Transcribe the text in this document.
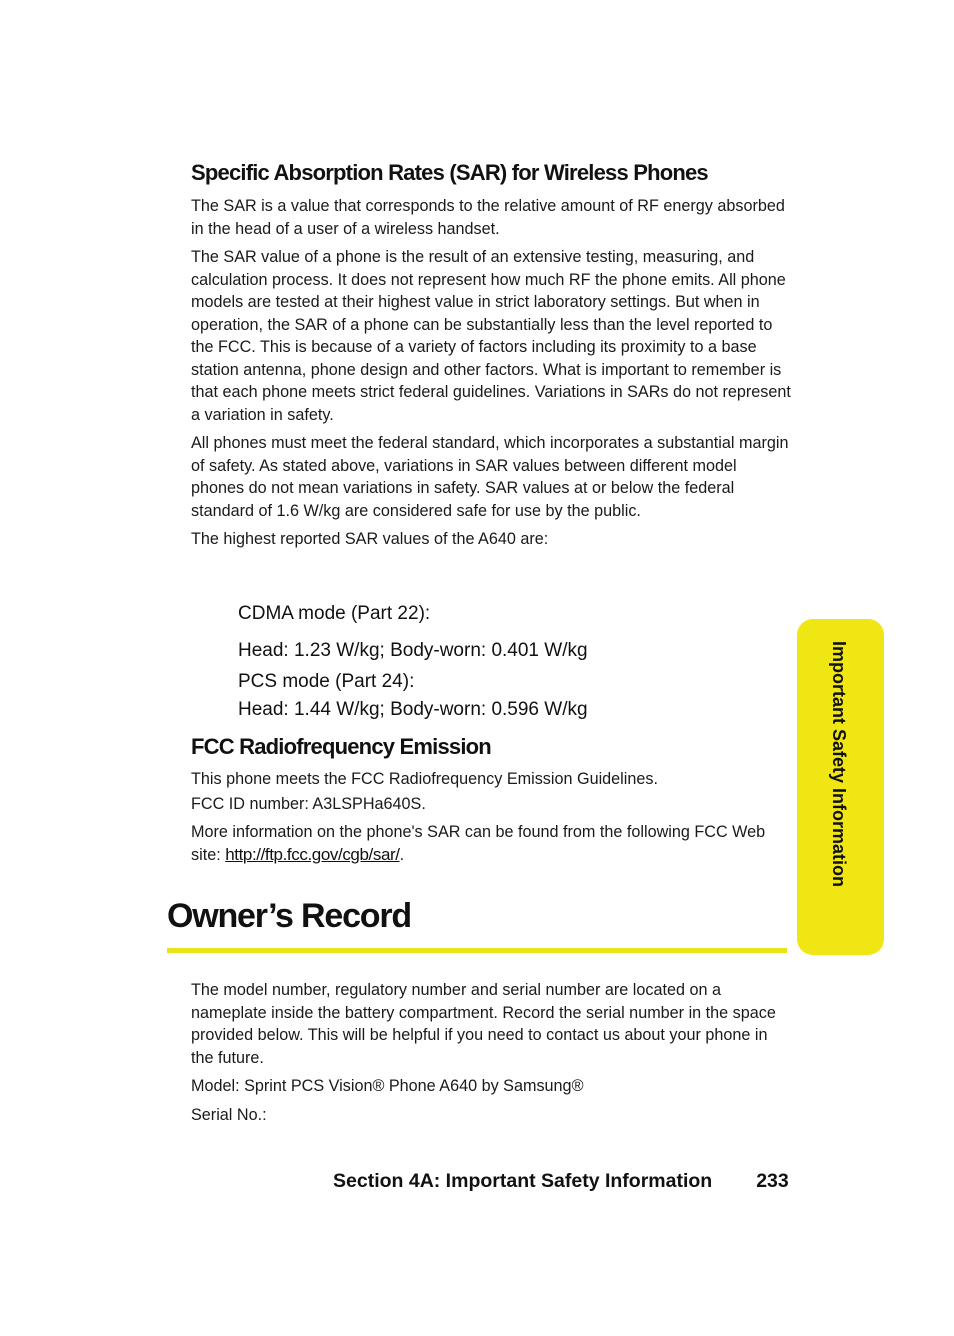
Specific Absorption Rates (SAR) for Wireless Phones

The SAR is a value that corresponds to the relative amount of RF energy absorbed in the head of a user of a wireless handset.

The SAR value of a phone is the result of an extensive testing, measuring, and calculation process. It does not represent how much RF the phone emits. All phone models are tested at their highest value in strict laboratory settings. But when in operation, the SAR of a phone can be substantially less than the level reported to the FCC. This is because of a variety of factors including its proximity to a base station antenna, phone design and other factors. What is important to remember is that each phone meets strict federal guidelines. Variations in SARs do not represent a variation in safety.

All phones must meet the federal standard, which incorporates a substantial margin of safety. As stated above, variations in SAR values between different model phones do not mean variations in safety. SAR values at or below the federal standard of 1.6 W/kg are considered safe for use by the public.

The highest reported SAR values of the A640 are:

CDMA mode (Part 22):
Head: 1.23 W/kg; Body-worn: 0.401 W/kg
PCS mode (Part 24):
Head: 1.44 W/kg; Body-worn: 0.596 W/kg
FCC Radiofrequency Emission

This phone meets the FCC Radiofrequency Emission Guidelines.

FCC ID number: A3LSPHa640S.

More information on the phone's SAR can be found from the following FCC Web site: http://ftp.fcc.gov/cgb/sar/.	Important Safety Information
Owner’s Record

The model number, regulatory number and serial number are located on a nameplate inside the battery compartment. Record the serial number in the space provided below. This will be helpful if you need to contact us about your phone in the future.

Model: Sprint PCS Vision® Phone A640 by Samsung®

Serial No.:

Section 4A: Important Safety Information 233
